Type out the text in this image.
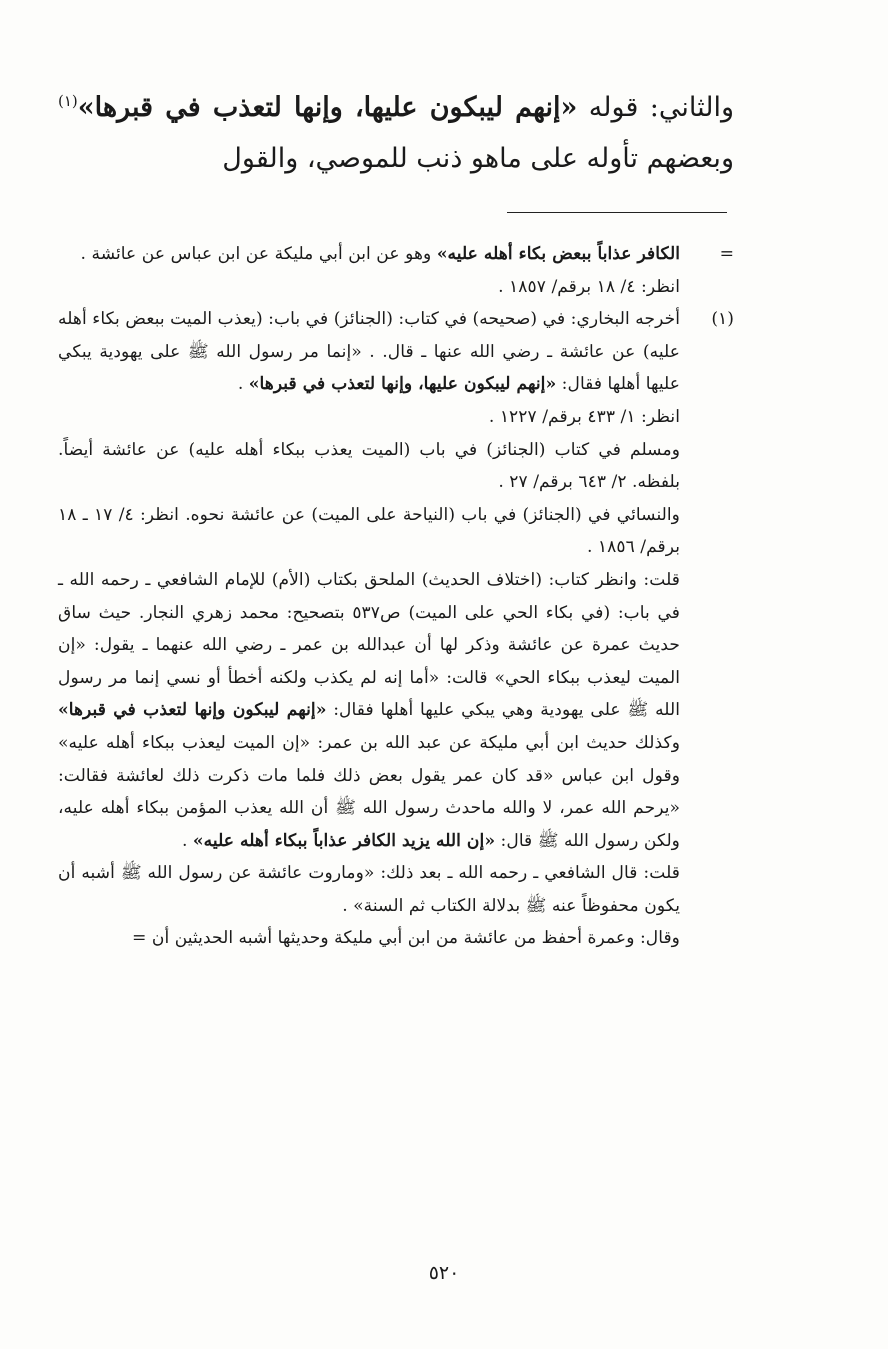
والثاني: قوله «إنهم ليبكون عليها، وإنها لتعذب في قبرها»$^{(١)}$ وبعضهم تأوله على ماهو ذنب للموصي، والقول
=
الكافر عذاباً ببعض بكاء أهله عليه» وهو عن ابن أبي مليكة عن ابن عباس عن عائشة .
انظر: ٤/ ١٨ برقم/ ١٨٥٧ .
(١)
أخرجه البخاري: في (صحيحه) في كتاب: (الجنائز) في باب: (يعذب الميت ببعض بكاء أهله عليه) عن عائشة ـ رضي الله عنها ـ قال. . «إنما مر رسول الله ﷺ على يهودية يبكي عليها أهلها فقال: «إنهم ليبكون عليها، وإنها لتعذب في قبرها» .
انظر: ١/ ٤٣٣ برقم/ ١٢٢٧ .
ومسلم في كتاب (الجنائز) في باب (الميت يعذب ببكاء أهله عليه) عن عائشة أيضاً. بلفظه. ٢/ ٦٤٣ برقم/ ٢٧ .
والنسائي في (الجنائز) في باب (النياحة على الميت) عن عائشة نحوه. انظر: ٤/ ١٧ ـ ١٨ برقم/ ١٨٥٦ .
قلت: وانظر كتاب: (اختلاف الحديث) الملحق بكتاب (الأم) للإمام الشافعي ـ رحمه الله ـ في باب: (في بكاء الحي على الميت) ص٥٣٧ بتصحيح: محمد زهري النجار. حيث ساق حديث عمرة عن عائشة وذكر لها أن عبدالله بن عمر ـ رضي الله عنهما ـ يقول: «إن الميت ليعذب ببكاء الحي» قالت: «أما إنه لم يكذب ولكنه أخطأ أو نسي إنما مر رسول الله ﷺ على يهودية وهي يبكي عليها أهلها فقال: «إنهم ليبكون وإنها لتعذب في قبرها» وكذلك حديث ابن أبي مليكة عن عبد الله بن عمر: «إن الميت ليعذب ببكاء أهله عليه» وقول ابن عباس «قد كان عمر يقول بعض ذلك فلما مات ذكرت ذلك لعائشة فقالت: «يرحم الله عمر، لا والله ماحدث رسول الله ﷺ أن الله يعذب المؤمن ببكاء أهله عليه، ولكن رسول الله ﷺ قال: «إن الله يزيد الكافر عذاباً ببكاء أهله عليه» .
قلت: قال الشافعي ـ رحمه الله ـ بعد ذلك: «وماروت عائشة عن رسول الله ﷺ أشبه أن يكون محفوظاً عنه ﷺ بدلالة الكتاب ثم السنة» .
وقال: وعمرة أحفظ من عائشة من ابن أبي مليكة وحديثها أشبه الحديثين أن =
٥٢٠
